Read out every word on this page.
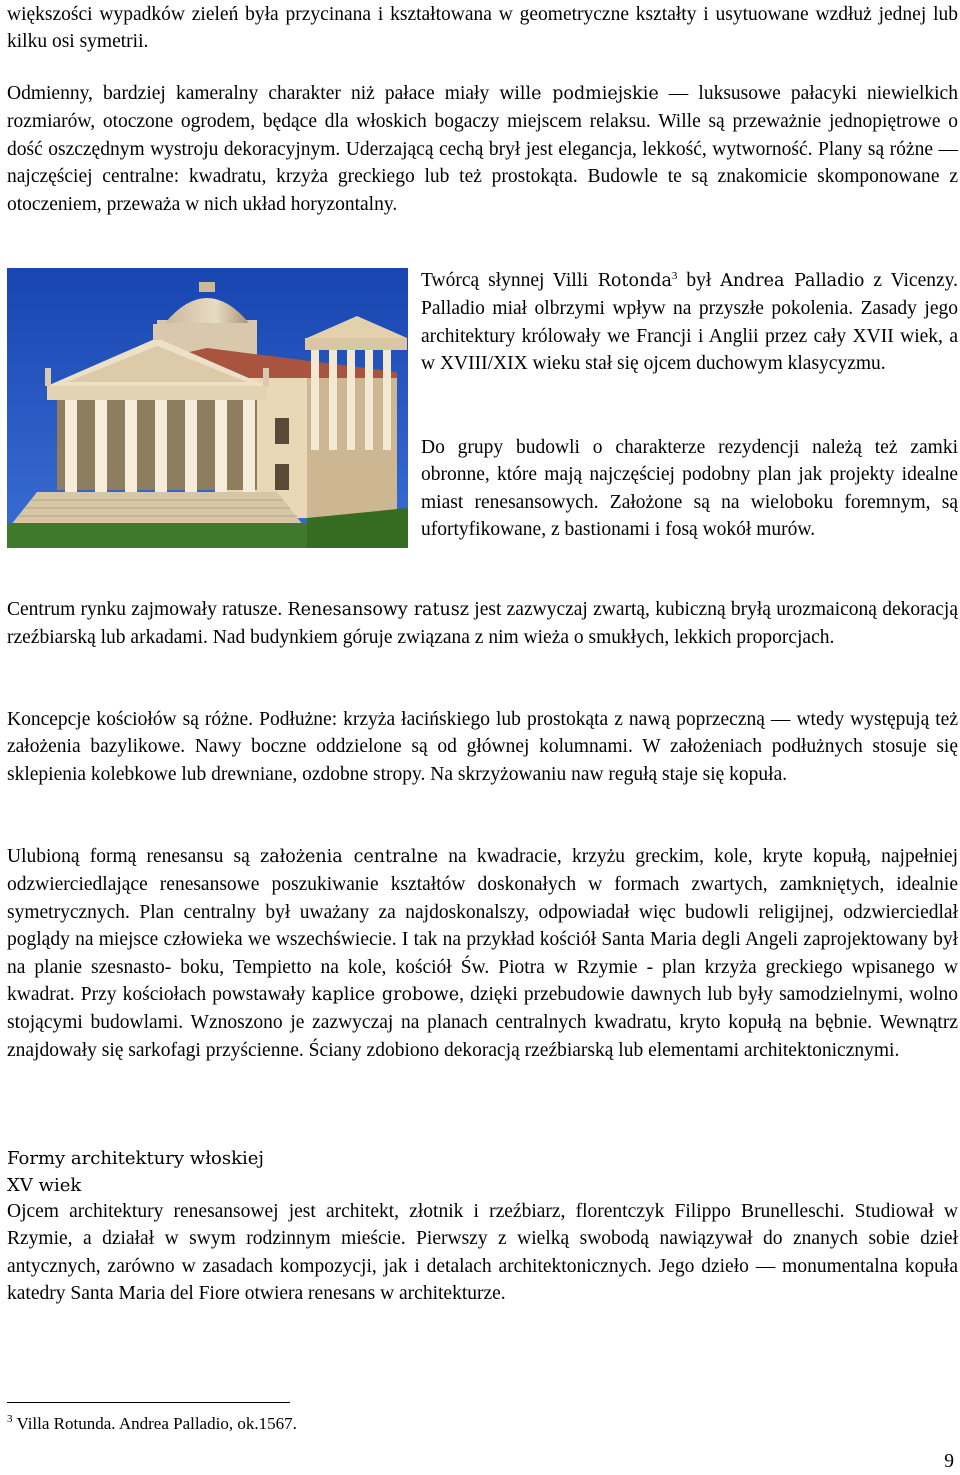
większości wypadków zieleń była przycinana i kształtowana w geometryczne kształty i usytuowane wzdłuż jednej lub kilku osi symetrii.

Odmienny, bardziej kameralny charakter niż pałace miały wille podmiejskie — luksusowe pałacyki niewielkich rozmiarów, otoczone ogrodem, będące dla włoskich bogaczy miejscem relaksu. Wille są przeważnie jednopiętrowe o dość oszczędnym wystroju dekoracyjnym. Uderzającą cechą brył jest elegancja, lekkość, wytworność. Plany są różne — najczęściej centralne: kwadratu, krzyża greckiego lub też prostokąta. Budowle te są znakomicie skomponowane z otoczeniem, przeważa w nich układ horyzontalny.

Twórcą słynnej Villi Rotonda$^3$ był Andrea Palladio z Vicenzy. Palladio miał olbrzymi wpływ na przyszłe pokolenia. Zasady jego architektury królowały we Francji i Anglii przez cały XVII wiek, a w XVIII/XIX wieku stał się ojcem duchowym klasycyzmu.

Do grupy budowli o charakterze rezydencji należą też zamki obronne, które mają najczęściej podobny plan jak projekty idealne miast renesansowych. Założone są na wieloboku foremnym, są ufortyfikowane, z bastionami i fosą wokół murów.

Centrum rynku zajmowały ratusze. Renesansowy ratusz jest zazwyczaj zwartą, kubiczną bryłą urozmaiconą dekoracją rzeźbiarską lub arkadami. Nad budynkiem góruje związana z nim wieża o smukłych, lekkich proporcjach.

Koncepcje kościołów są różne. Podłużne: krzyża łacińskiego lub prostokąta z nawą poprzeczną — wtedy występują też założenia bazylikowe. Nawy boczne oddzielone są od głównej kolumnami. W założeniach podłużnych stosuje się sklepienia kolebkowe lub drewniane, ozdobne stropy. Na skrzyżowaniu naw regułą staje się kopuła.

Ulubioną formą renesansu są założenia centralne na kwadracie, krzyżu greckim, kole, kryte kopułą, najpełniej odzwierciedlające renesansowe poszukiwanie kształtów doskonałych w formach zwartych, zamkniętych, idealnie symetrycznych. Plan centralny był uważany za najdoskonalszy, odpowiadał więc budowli religijnej, odzwierciedlał poglądy na miejsce człowieka we wszechświecie. I tak na przykład kościół Santa Maria degli Angeli zaprojektowany był na planie szesnasto- boku, Tempietto na kole, kościół Św. Piotra w Rzymie - plan krzyża greckiego wpisanego w kwadrat. Przy kościołach powstawały kaplice grobowe, dzięki przebudowie dawnych lub były samodzielnymi, wolno stojącymi budowlami. Wznoszono je zazwyczaj na planach centralnych kwadratu, kryto kopułą na bębnie. Wewnątrz znajdowały się sarkofagi przyścienne. Ściany zdobiono dekoracją rzeźbiarską lub elementami architektonicznymi.

Formy architektury włoskiej
XV wiek

Ojcem architektury renesansowej jest architekt, złotnik i rzeźbiarz, florentczyk Filippo Brunelleschi. Studiował w Rzymie, a działał w swym rodzinnym mieście. Pierwszy z wielką swobodą nawiązywał do znanych sobie dzieł antycznych, zarówno w zasadach kompozycji, jak i detalach architektonicznych. Jego dzieło — monumentalna kopuła katedry Santa Maria del Fiore otwiera renesans w architekturze.

$^3$ Villa Rotunda. Andrea Palladio, ok.1567.
9
